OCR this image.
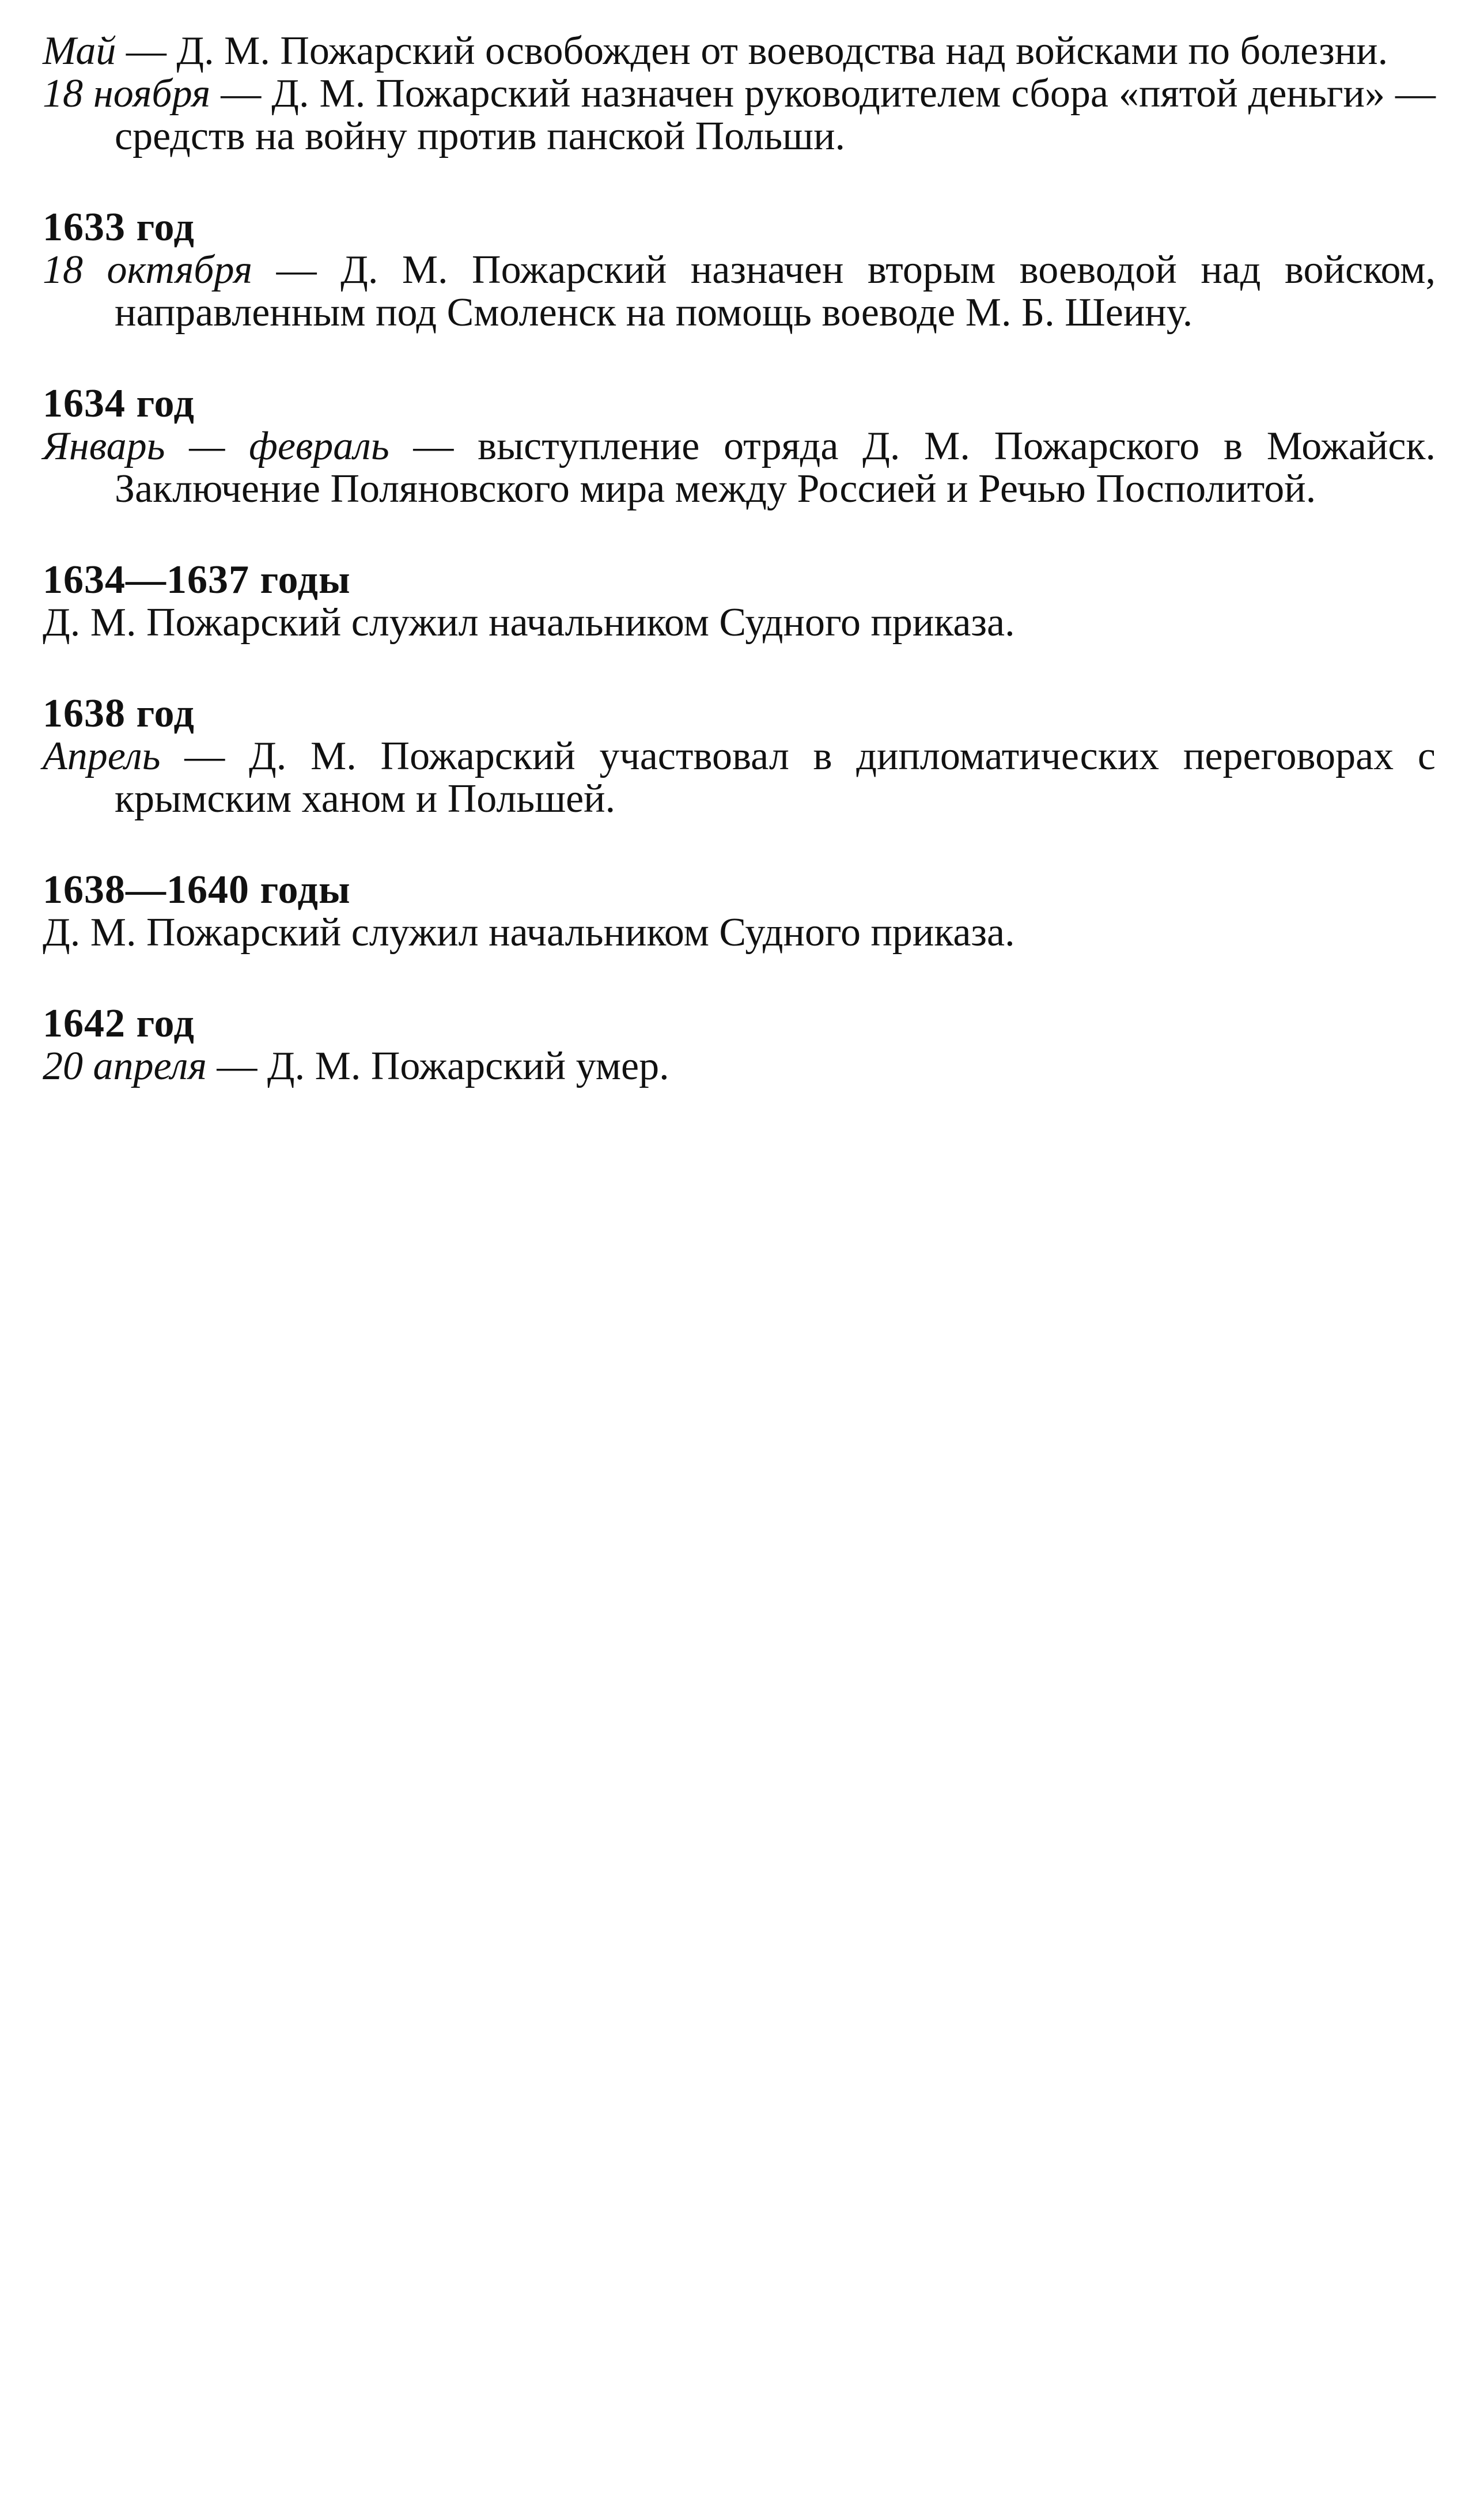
Май — Д. М. Пожарский освобожден от воеводства над войсками по болезни.

18 ноября — Д. М. Пожарский назначен руководителем сбора «пятой деньги» — средств на войну против панской Польши.

1633 год

18 октября — Д. М. Пожарский назначен вторым воеводой над войском, направленным под Смоленск на помощь воеводе М. Б. Шеину.

1634 год

Январь — февраль — выступление отряда Д. М. Пожарского в Можайск. Заключение Поляновского мира между Россией и Речью Посполитой.

1634—1637 годы

Д. М. Пожарский служил начальником Судного приказа.

1638 год

Апрель — Д. М. Пожарский участвовал в дипломатических переговорах с крымским ханом и Польшей.

1638—1640 годы

Д. М. Пожарский служил начальником Судного приказа.

1642 год

20 апреля — Д. М. Пожарский умер.
